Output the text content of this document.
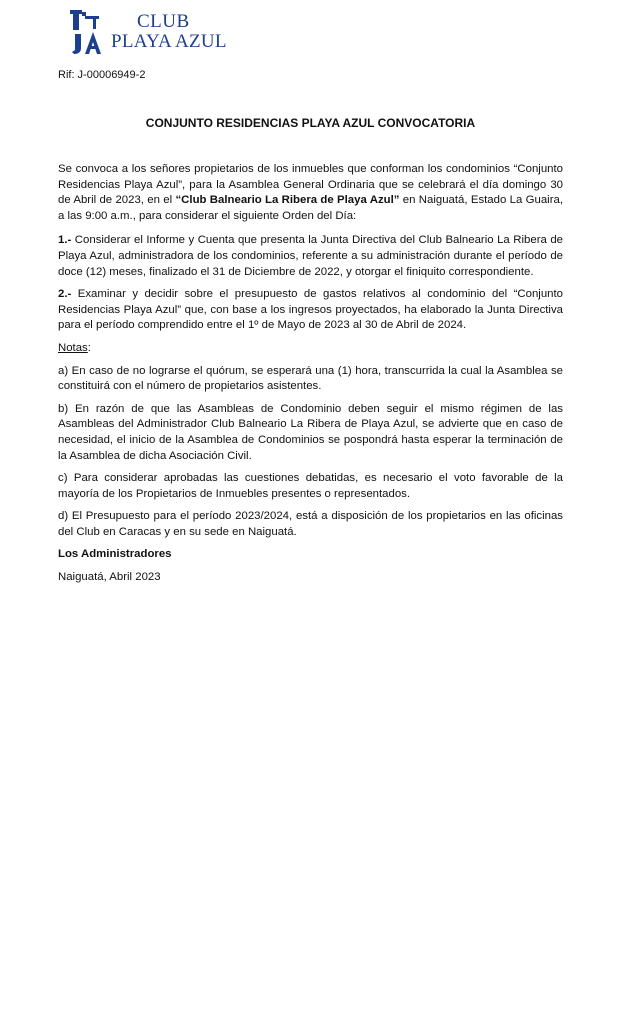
CLUB
PLAYA AZUL
Rif: J-00006949-2
CONJUNTO RESIDENCIAS PLAYA AZUL CONVOCATORIA

Se convoca a los señores propietarios de los inmuebles que conforman los condominios “Conjunto Residencias Playa Azul”, para la Asamblea General Ordinaria que se celebrará el día domingo 30 de Abril de 2023, en el “Club Balneario La Ribera de Playa Azul” en Naiguatá, Estado La Guaira, a las 9:00 a.m., para considerar el siguiente Orden del Día:

1.- Considerar el Informe y Cuenta que presenta la Junta Directiva del Club Balneario La Ribera de Playa Azul, administradora de los condominios, referente a su administración durante el período de doce (12) meses, finalizado el 31 de Diciembre de 2022, y otorgar el finiquito correspondiente.

2.- Examinar y decidir sobre el presupuesto de gastos relativos al condominio del “Conjunto Residencias Playa Azul” que, con base a los ingresos proyectados, ha elaborado la Junta Directiva para el período comprendido entre el 1º de Mayo de 2023 al 30 de Abril de 2024.

Notas:

a) En caso de no lograrse el quórum, se esperará una (1) hora, transcurrida la cual la Asamblea se constituirá con el número de propietarios asistentes.

b) En razón de que las Asambleas de Condominio deben seguir el mismo régimen de las Asambleas del Administrador Club Balneario La Ribera de Playa Azul, se advierte que en caso de necesidad, el inicio de la Asamblea de Condominios se pospondrá hasta esperar la terminación de la Asamblea de dicha Asociación Civil.

c) Para considerar aprobadas las cuestiones debatidas, es necesario el voto favorable de la mayoría de los Propietarios de Inmuebles presentes o representados.

d) El Presupuesto para el período 2023/2024, está a disposición de los propietarios en las oficinas del Club en Caracas y en su sede en Naiguatá.

Los Administradores

Naiguatá, Abril 2023
